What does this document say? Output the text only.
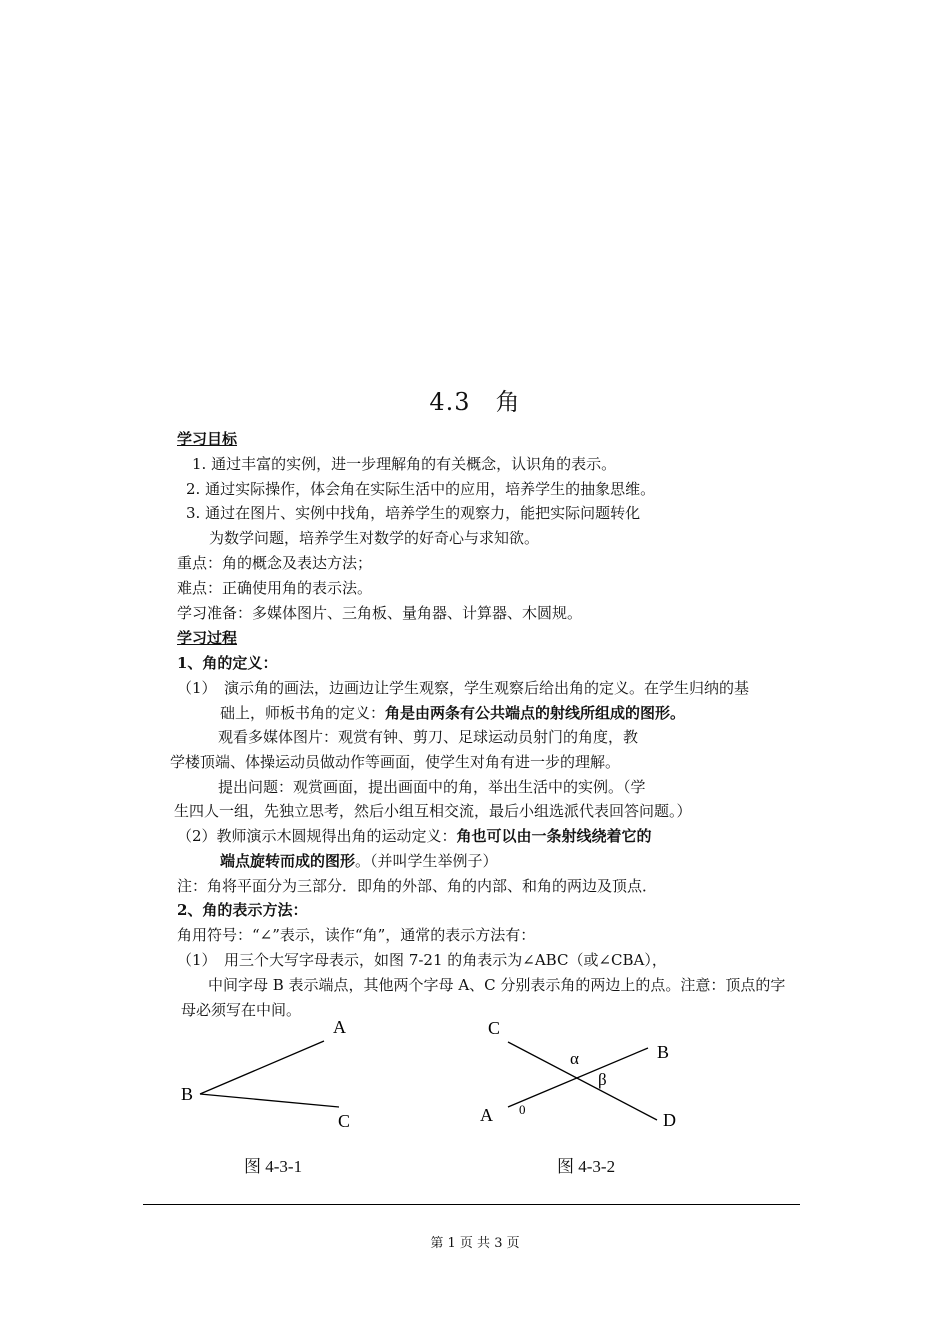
4.3　角
学习目标
1. 通过丰富的实例，进一步理解角的有关概念，认识角的表示。
2. 通过实际操作，体会角在实际生活中的应用，培养学生的抽象思维。
3. 通过在图片、实例中找角，培养学生的观察力，能把实际问题转化
为数学问题，培养学生对数学的好奇心与求知欲。
重点：角的概念及表达方法；
难点：正确使用角的表示法。
学习准备：多媒体图片、三角板、量角器、计算器、木圆规。
学习过程
1、角的定义：
（1）　演示角的画法，边画边让学生观察，学生观察后给出角的定义。在学生归纳的基
础上，师板书角的定义：角是由两条有公共端点的射线所组成的图形。
观看多媒体图片：观赏有钟、剪刀、足球运动员射门的角度，教
学楼顶端、体操运动员做动作等画面，使学生对角有进一步的理解。
提出问题：观赏画面，提出画面中的角，举出生活中的实例。（学
生四人一组，先独立思考，然后小组互相交流，最后小组选派代表回答问题。）
（2）教师演示木圆规得出角的运动定义：角也可以由一条射线绕着它的
端点旋转而成的图形。（并叫学生举例子）
注：角将平面分为三部分．即角的外部、角的内部、和角的两边及顶点．
2、角的表示方法：
角用符号：“∠”表示，读作“角”，通常的表示方法有：
（1）　用三个大写字母表示，如图 7-21 的角表示为∠ABC（或∠CBA），
中间字母 B 表示端点，其他两个字母 A、C 分别表示角的两边上的点。注意：顶点的字
母必须写在中间。
A
B
C
C
B
A	D
α
β
0
图 4-3-1	图 4-3-2
第 1 页 共 3 页
